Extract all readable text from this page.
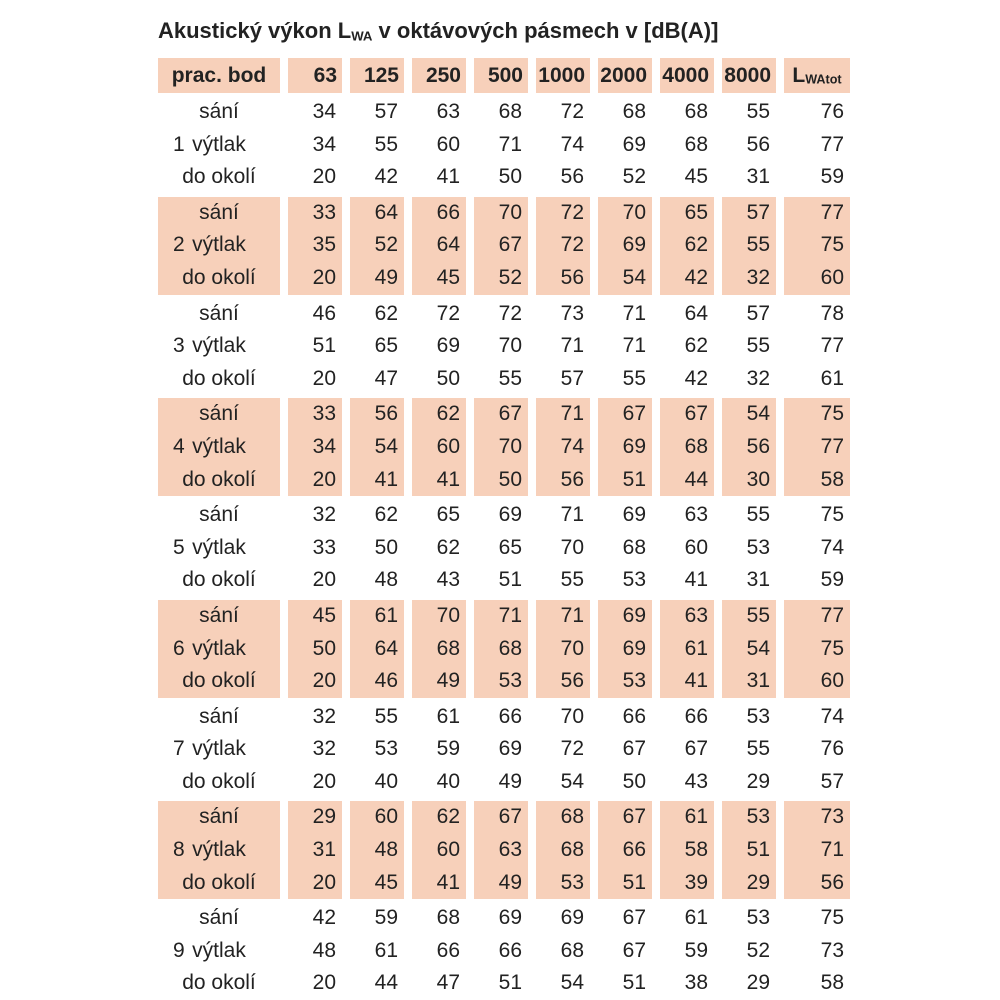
Akustický výkon LWA v oktávových pásmech v [dB(A)]
prac. bod	63	125	250	500 1000 2000 4000 8000	LWAtot
sání	34	57	63	68	72	68	68	55	76
1 výtlak	34	55	60	71	74	69	68	56	77
do okolí	20	42	41	50	56	52	45	31	59
sání	33	64	66	70	72	70	65	57	77
2 výtlak	35	52	64	67	72	69	62	55	75
do okolí	20	49	45	52	56	54	42	32	60
sání	46	62	72	72	73	71	64	57	78
3 výtlak	51	65	69	70	71	71	62	55	77
do okolí	20	47	50	55	57	55	42	32	61
sání	33	56	62	67	71	67	67	54	75
4 výtlak	34	54	60	70	74	69	68	56	77
do okolí	20	41	41	50	56	51	44	30	58
sání	32	62	65	69	71	69	63	55	75
5 výtlak	33	50	62	65	70	68	60	53	74
do okolí	20	48	43	51	55	53	41	31	59
sání	45	61	70	71	71	69	63	55	77
6 výtlak	50	64	68	68	70	69	61	54	75
do okolí	20	46	49	53	56	53	41	31	60
sání	32	55	61	66	70	66	66	53	74
7 výtlak	32	53	59	69	72	67	67	55	76
do okolí	20	40	40	49	54	50	43	29	57
sání	29	60	62	67	68	67	61	53	73
8 výtlak	31	48	60	63	68	66	58	51	71
do okolí	20	45	41	49	53	51	39	29	56
sání	42	59	68	69	69	67	61	53	75
9 výtlak	48	61	66	66	68	67	59	52	73
do okolí	20	44	47	51	54	51	38	29	58
